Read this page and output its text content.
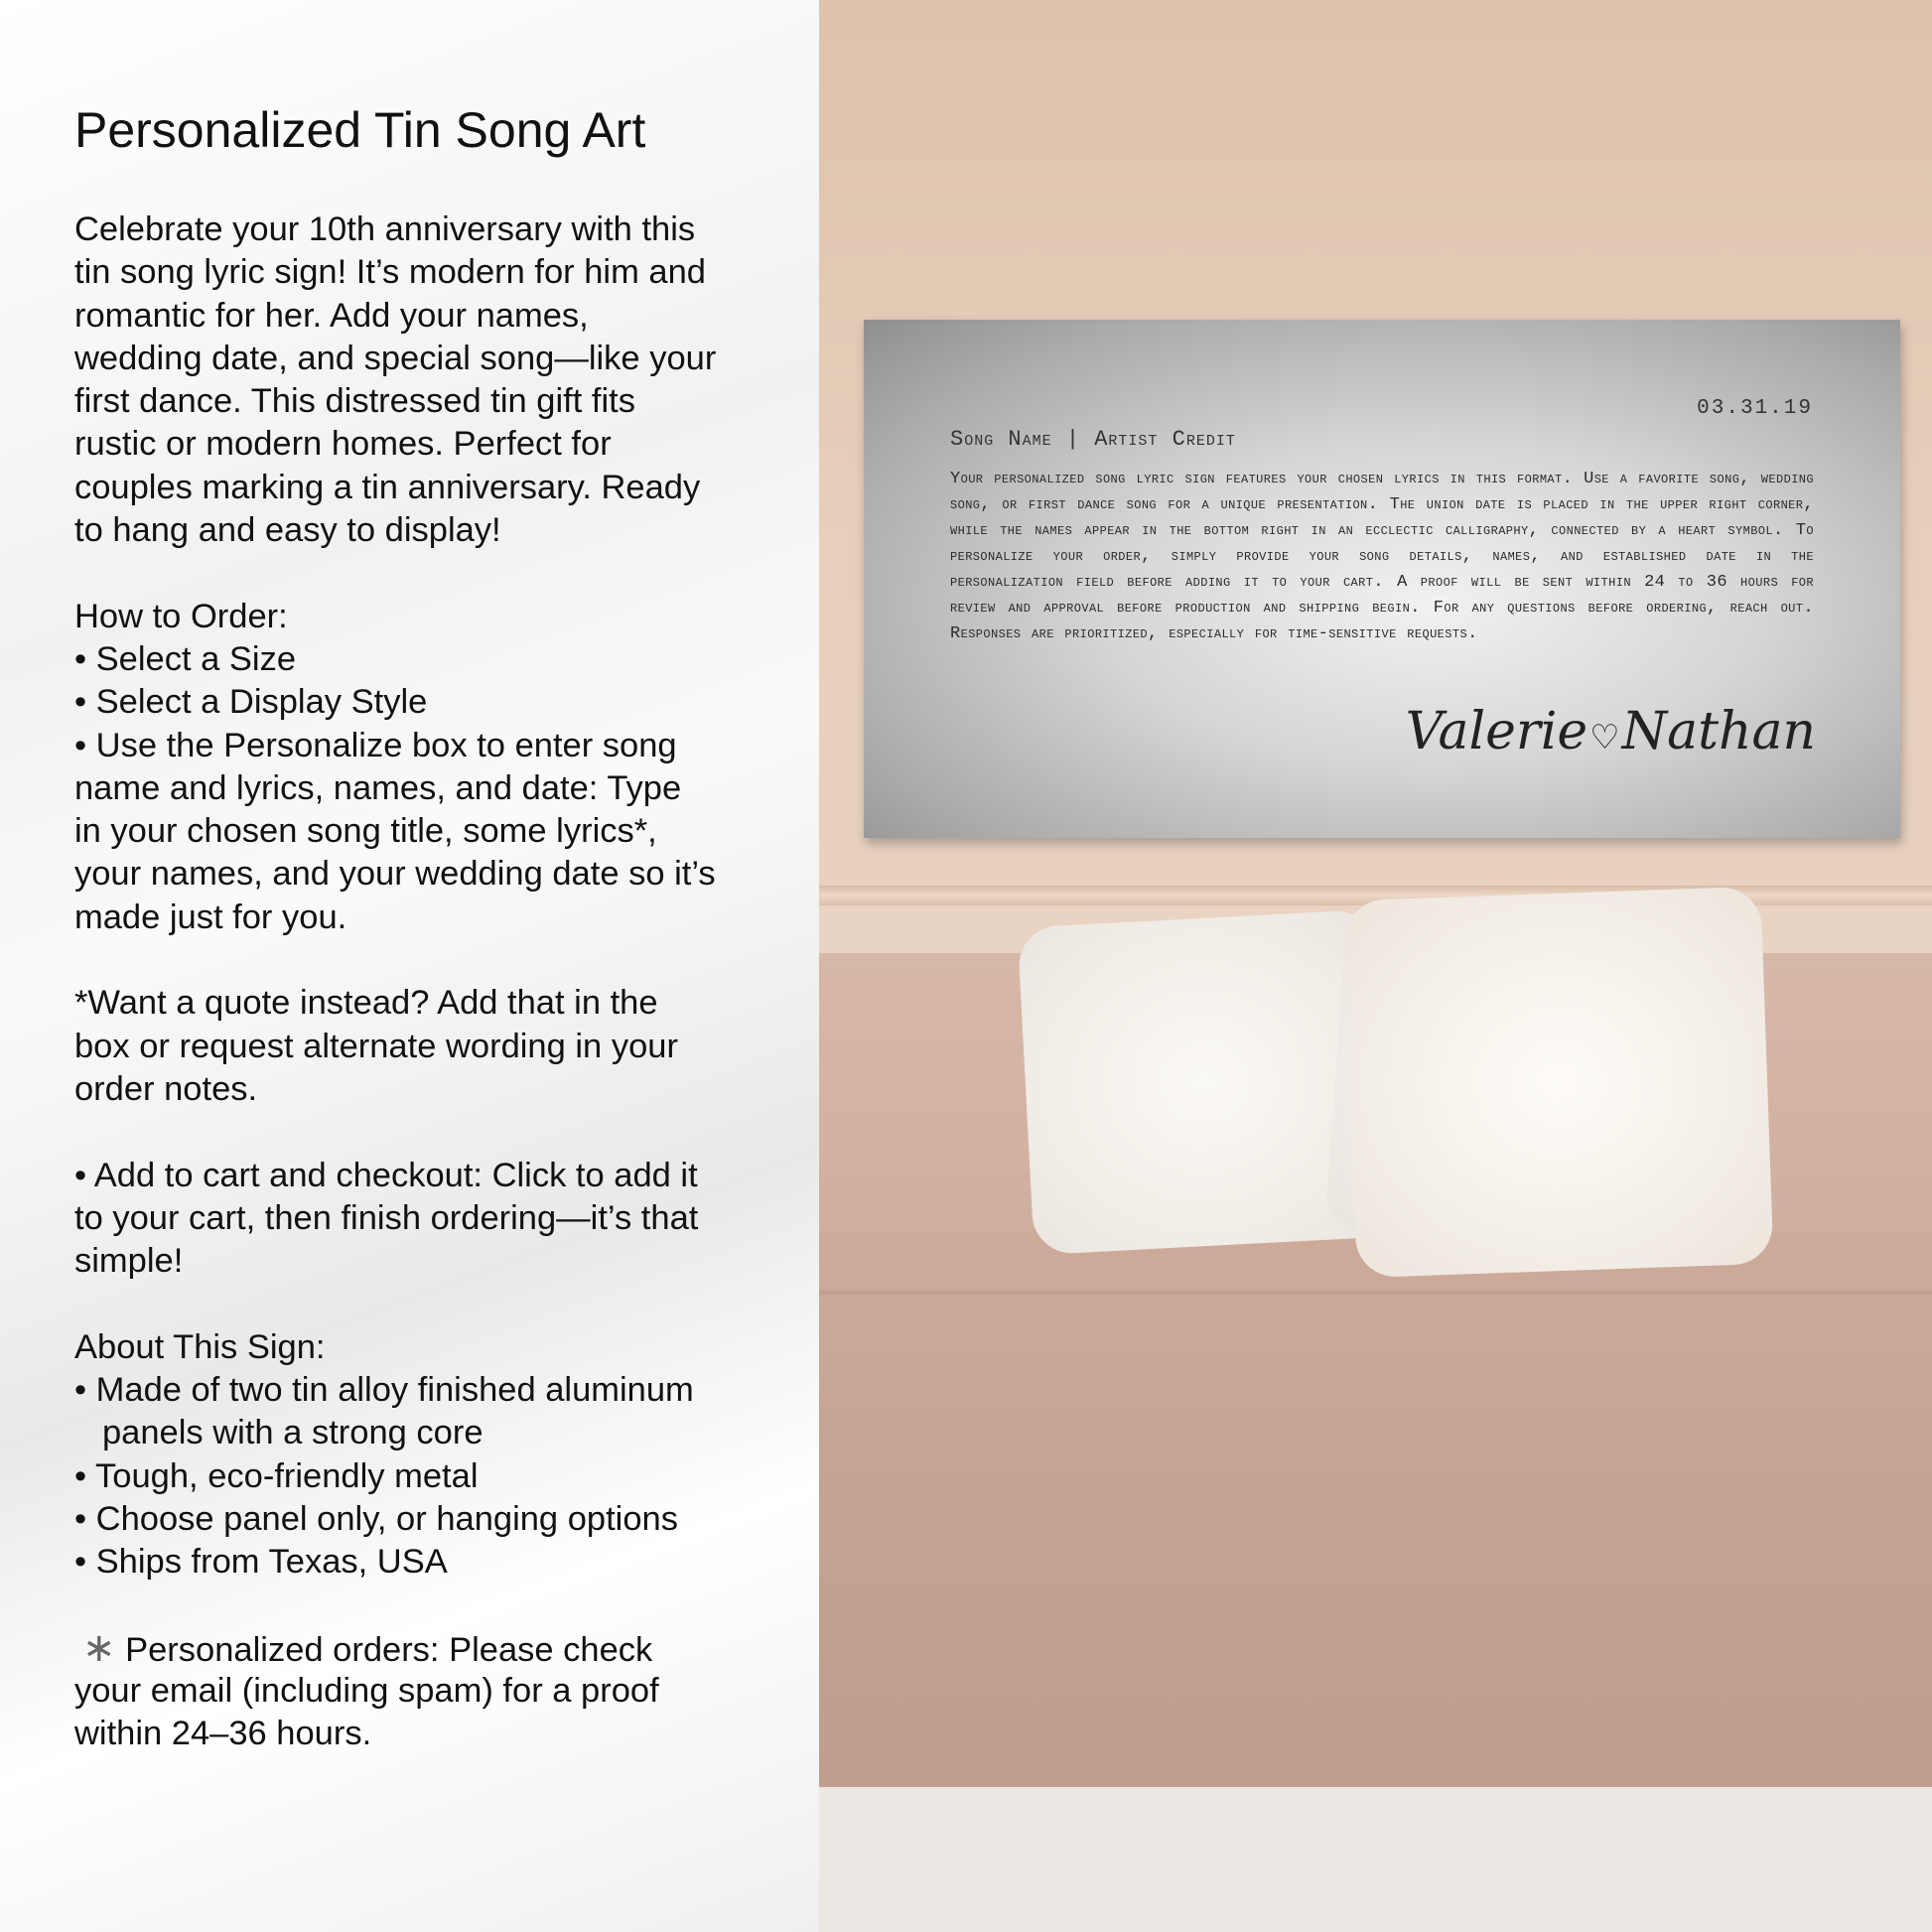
Personalized Tin Song Art
Celebrate your 10th anniversary with this
tin song lyric sign! It’s modern for him and
romantic for her. Add your names,
wedding date, and special song—like your
first dance. This distressed tin gift fits
rustic or modern homes. Perfect for
couples marking a tin anniversary. Ready
to hang and easy to display!
How to Order:
• Select a Size
• Select a Display Style
• Use the Personalize box to enter song
name and lyrics, names, and date: Type
in your chosen song title, some lyrics*,
your names, and your wedding date so it’s
made just for you.
*Want a quote instead? Add that in the
box or request alternate wording in your
order notes.
• Add to cart and checkout: Click to add it
to your cart, then finish ordering—it’s that
simple!
About This Sign:
• Made of two tin alloy finished aluminum
panels with a strong core
• Tough, eco-friendly metal
• Choose panel only, or hanging options
• Ships from Texas, USA
∗ Personalized orders: Please check
your email (including spam) for a proof
within 24–36 hours.
03.31.19
Song Name | Artist Credit
Your personalized song lyric sign features your chosen lyrics in this format. Use a favorite song, wedding song, or first dance song for a unique presentation. The union date is placed in the upper right corner, while the names appear in the bottom right in an ecclectic calligraphy, connected by a heart symbol. To personalize your order, simply provide your song details, names, and established date in the personalization field before adding it to your cart. A proof will be sent within 24 to 36 hours for review and approval before production and shipping begin. For any questions before ordering, reach out. Responses are prioritized, especially for time-sensitive requests.
Valerie♡Nathan
